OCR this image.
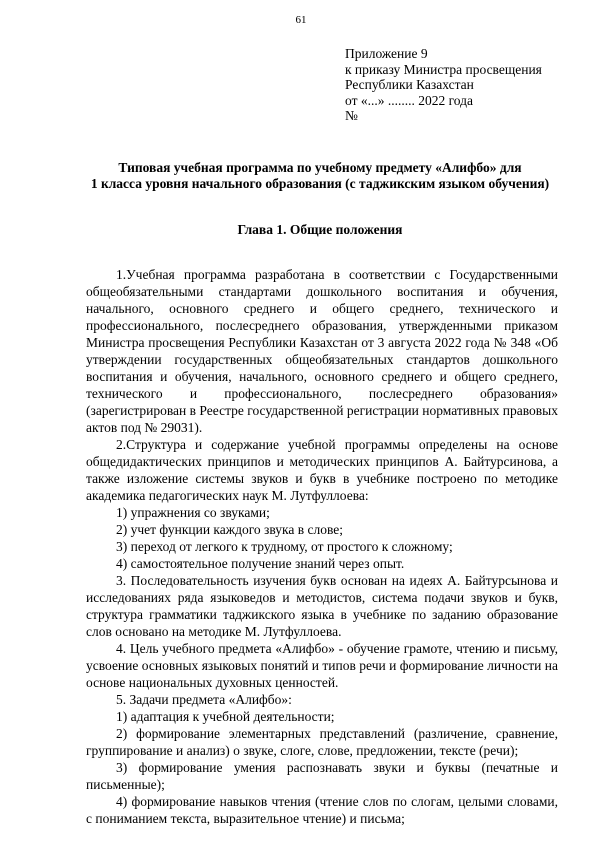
61
Приложение 9
к приказу Министра просвещения
Республики Казахстан
от «...» ........ 2022 года
№
Типовая учебная программа по учебному предмету «Алифбо» для
1 класса уровня начального образования (с таджикским языком обучения)
Глава 1. Общие положения

1.Учебная программа разработана в соответствии с Государственными общеобязательными стандартами дошкольного воспитания и обучения, начального, основного среднего и общего среднего, технического и профессионального, послесреднего образования, утвержденными приказом Министра просвещения Республики Казахстан от 3 августа 2022 года № 348 «Об утверждении государственных общеобязательных стандартов дошкольного воспитания и обучения, начального, основного среднего и общего среднего, технического и профессионального, послесреднего образования» (зарегистрирован в Реестре государственной регистрации нормативных правовых актов под № 29031).

2.Структура и содержание учебной программы определены на основе общедидактических принципов и методических принципов А. Байтурсинова, а также изложение системы звуков и букв в учебнике построено по методике академика педагогических наук М. Лутфуллоева:

1) упражнения со звуками;

2) учет функции каждого звука в слове;

3) переход от легкого к трудному, от простого к сложному;

4) самостоятельное получение знаний через опыт.

3. Последовательность изучения букв основан на идеях А. Байтурсынова и исследованиях ряда языковедов и методистов, система подачи звуков и букв, структура грамматики таджикского языка в учебнике по заданию образование слов основано на методике М. Лутфуллоева.

4. Цель учебного предмета «Алифбо» - обучение грамоте, чтению и письму, усвоение основных языковых понятий и типов речи и формирование личности на основе национальных духовных ценностей.

5. Задачи предмета «Алифбо»:

1) адаптация к учебной деятельности;

2) формирование элементарных представлений (различение, сравнение, группирование и анализ) о звуке, слоге, слове, предложении, тексте (речи);

3) формирование умения распознавать звуки и буквы (печатные и письменные);

4) формирование навыков чтения (чтение слов по слогам, целыми словами, с пониманием текста, выразительное чтение) и письма;
